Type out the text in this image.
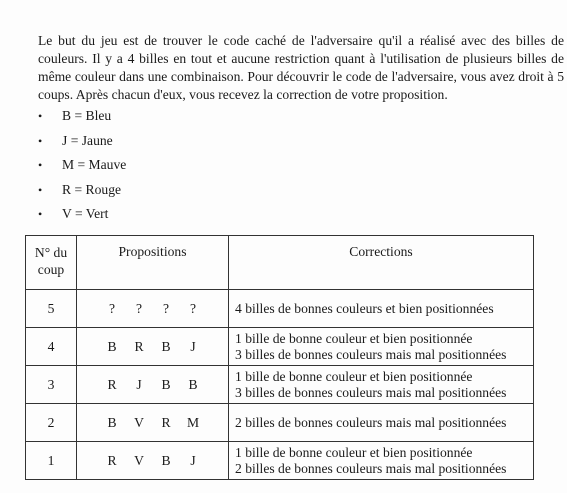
Le but du jeu est de trouver le code caché de l'adversaire qu'il a réalisé avec des billes de couleurs. Il y a 4 billes en tout et aucune restriction quant à l'utilisation de plusieurs billes de même couleur dans une combinaison. Pour découvrir le code de l'adversaire, vous avez droit à 5 coups. Après chacun d'eux, vous recevez la correction de votre proposition.

•	B = Bleu
•	J = Jaune
•	M = Mauve
•	R = Rouge
•	V = Vert
N° du
coup	Propositions	Corrections
5	? ? ? ?	4 billes de bonnes couleurs et bien positionnées

4	B R B J	1 bille de bonne couleur et bien positionnée
3 billes de bonnes couleurs mais mal positionnées

3	R J B B	1 bille de bonne couleur et bien positionnée
3 billes de bonnes couleurs mais mal positionnées

2	B V R M	2 billes de bonnes couleurs mais mal positionnées

1	R V B J	1 bille de bonne couleur et bien positionnée
2 billes de bonnes couleurs mais mal positionnées
